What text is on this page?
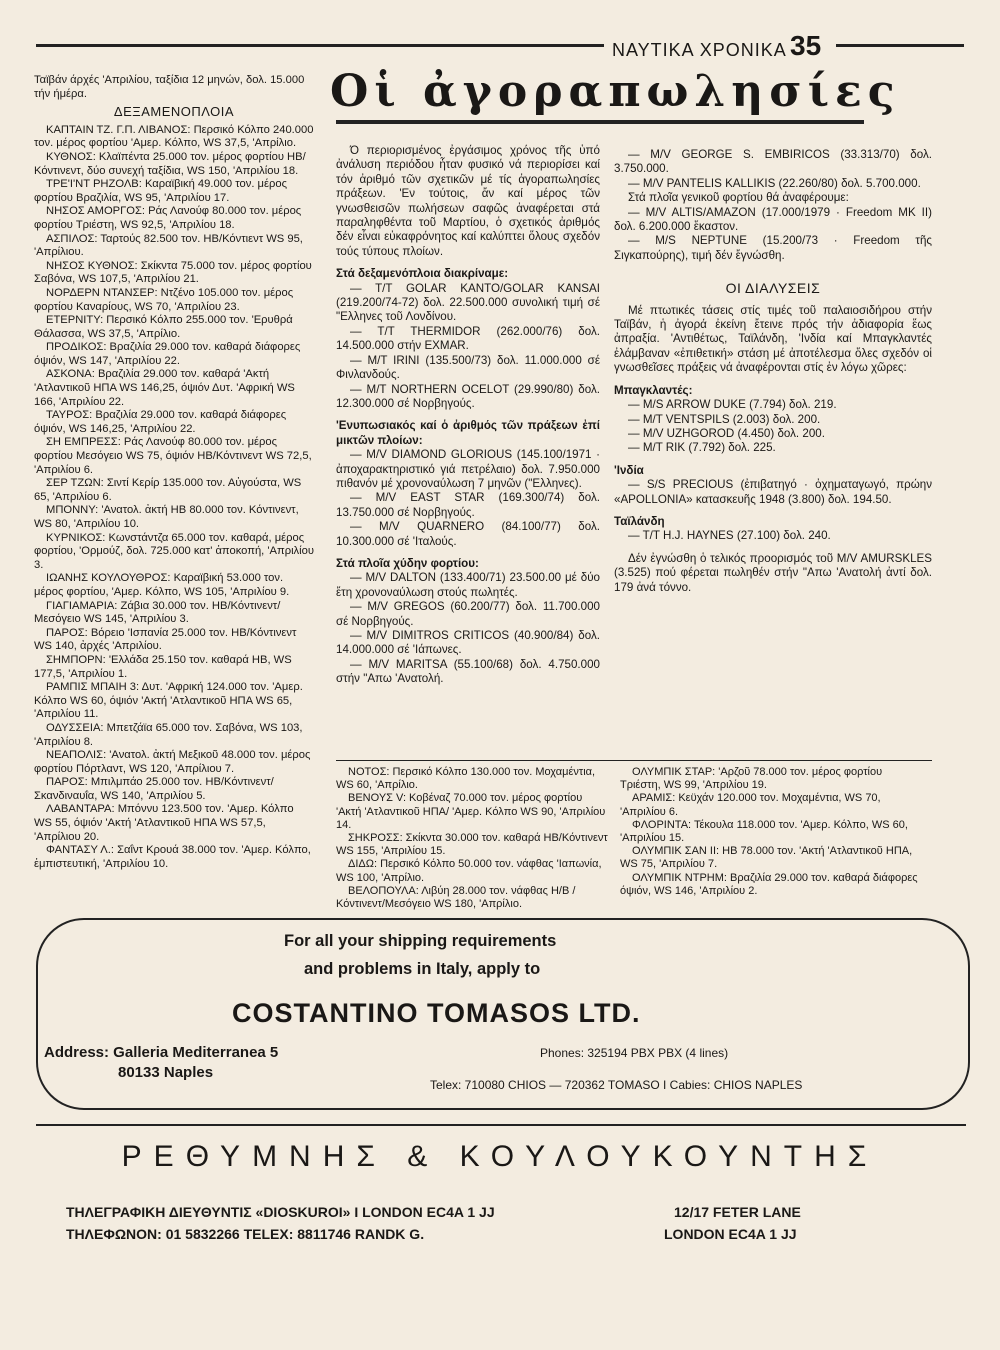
ΝΑΥΤΙΚΑ ΧΡΟΝΙΚΑ 35

Ταϊβάν άρχές 'Απριλίου, ταξίδια 12 μηνών, δολ. 15.000 τήν ήμέρα.

ΔΕΞΑΜΕΝΟΠΛΟΙΑ

ΚΑΠΤΑΙΝ ΤΖ. Γ.Π. ΛΙΒΑΝΟΣ: Περσικό Κόλπο 240.000 τον. μέρος φορτίου 'Αμερ. Κόλπο, WS 37,5, 'Απρίλιο.

ΚΥΘΝΟΣ: Κλαϊπέντα 25.000 τον. μέρος φορτίου ΗΒ/Κόντινεντ, δύο συνεχή ταξίδια, WS 150, 'Απριλίου 18.

ΤΡΕ'Ι'ΝΤ ΡΗΖΟΛΒ: Καραϊβική 49.000 τον. μέρος φορτίου Βραζιλία, WS 95, 'Απριλίου 17.

ΝΗΣΟΣ ΑΜΟΡΓΟΣ: Ράς Λανούφ 80.000 τον. μέρος φορτίου Τριέστη, WS 92,5, 'Απριλίου 18.

ΑΣΠΙΛΟΣ: Ταρτούς 82.500 τον. ΗΒ/Κόντιεντ WS 95, 'Απρίλιου.

ΝΗΣΟΣ ΚΥΘΝΟΣ: Σκίκντα 75.000 τον. μέρος φορτίου Σαβόνα, WS 107,5, 'Απριλίου 21.

ΝΟΡΔΕΡΝ ΝΤΑΝΣΕΡ: Ντζένο 105.000 τον. μέρος φορτίου Καναρίους, WS 70, 'Απριλίου 23.

ΕΤΕΡΝΙΤΥ: Περσικό Κόλπο 255.000 τον. 'Ερυθρά Θάλασσα, WS 37,5, 'Απρίλιο.

ΠΡΟΔΙΚΟΣ: Βραζιλία 29.000 τον. καθαρά διάφορες όψιόν, WS 147, 'Απριλίου 22.

ΑΣΚΟΝΑ: Βραζιλία 29.000 τον. καθαρά 'Ακτή 'Ατλαντικοῦ ΗΠΑ WS 146,25, όψιόν Δυτ. 'Αφρική WS 166, 'Απριλίου 22.

ΤΑΥΡΟΣ: Βραζιλία 29.000 τον. καθαρά διάφορες όψιόν, WS 146,25, 'Απριλίου 22.

ΣΗ ΕΜΠΡΕΣΣ: Ράς Λανούφ 80.000 τον. μέρος φορτίου Μεσόγειο WS 75, όψιόν ΗΒ/Κόντινεντ WS 72,5, 'Απριλίου 6.

ΣΕΡ ΤΖΩΝ: Σιντί Κερίρ 135.000 τον. Αὐγούστα, WS 65, 'Απριλίου 6.

ΜΠΟΝΝΥ: 'Ανατολ. ἀκτή ΗΒ 80.000 τον. Κόντινεντ, WS 80, 'Απριλίου 10.

ΚΥΡΝΙΚΟΣ: Κωνστάντζα 65.000 τον. καθαρά, μέρος φορτίου, 'Ορμούζ, δολ. 725.000 κατ' ἀποκοπή, 'Απριλίου 3.

ΙΩΑΝΗΣ ΚΟΥΛΟΥΘΡΟΣ: Καραϊβική 53.000 τον. μέρος φορτίου, 'Αμερ. Κόλπο, WS 105, 'Απριλίου 9.

ΓΙΑΓΙΑΜΑΡΙΑ: Ζάβια 30.000 τον. ΗΒ/Κόντινεντ/Μεσόγειο WS 145, 'Απριλίου 3.

ΠΑΡΟΣ: Βόρειο 'Ισπανία 25.000 τον. ΗΒ/Κόντινεντ WS 140, ἀρχές 'Απριλίου.

ΣΗΜΠΟΡΝ: 'Ελλάδα 25.150 τον. καθαρά ΗΒ, WS 177,5, 'Απριλίου 1.

ΡΑΜΠΙΣ ΜΠΑΙΗ 3: Δυτ. 'Αφρική 124.000 τον. 'Αμερ. Κόλπο WS 60, όψιόν 'Ακτή 'Ατλαντικοῦ ΗΠΑ WS 65, 'Απριλίου 11.

ΟΔΥΣΣΕΙΑ: Μπετζάϊα 65.000 τον. Σαβόνα, WS 103, 'Απριλίου 8.

ΝΕΑΠΟΛΙΣ: 'Ανατολ. ἀκτή Μεξικοῦ 48.000 τον. μέρος φορτίου Πόρτλαντ, WS 120, 'Απρίλιου 7.

ΠΑΡΟΣ: Μπιλμπάο 25.000 τον. ΗΒ/Κόντινεντ/Σκανδιναυΐα, WS 140, 'Απριλίου 5.

ΛΑΒΑΝΤΑΡΑ: Μπόννυ 123.500 τον. 'Αμερ. Κόλπο WS 55, όψιόν 'Ακτή 'Ατλαντικοῦ ΗΠΑ WS 57,5, 'Απρίλιου 20.

ΦΑΝΤΑΣΥ Λ.: Σαΐντ Κρουά 38.000 τον. 'Αμερ. Κόλπο, ἐμπιστευτική, 'Απριλίου 10.

Οἱ ἀγοραπωλησίες

Ό περιορισμένος ἐργάσιμος χρόνος τῆς ὑπό ἀνάλυση περιόδου ἦταν φυσικό νά περιορίσει καί τόν ἀριθμό τῶν σχετικῶν μέ τίς ἀγοραπωλησίες πράξεων. 'Εν τούτοις, ἄν καί μέρος τῶν γνωσθεισῶν πωλήσεων σαφῶς ἀναφέρεται στά παραληφθέντα τοῦ Μαρτίου, ὁ σχετικός ἀριθμός δέν εἶναι εὐκαφρόνητος καί καλύπτει ὅλους σχεδόν τούς τύπους πλοίων.

Στά δεξαμενόπλοια διακρίναμε:

— T/T GOLAR KANTO/GOLAR KANSAI (219.200/74-72) δολ. 22.500.000 συνολική τιμή σέ "Ελληνες τοῦ Λονδίνου.

— T/T THERMIDOR (262.000/76) δολ. 14.500.000 στήν EXMAR.

— M/T IRINI (135.500/73) δολ. 11.000.000 σέ Φινλανδούς.

— M/T NORTHERN OCELOT (29.990/80) δολ. 12.300.000 σέ Νορβηγούς.

'Ενυπωσιακός καί ὁ ἀριθμός τῶν πράξεων ἐπί μικτῶν πλοίων:

— M/V DIAMOND GLORIOUS (145.100/1971 · ἀποχαρακτηριστικό γιά πετρέλαιο) δολ. 7.950.000 πιθανόν μέ χρονοναύλωση 7 μηνῶν ("Ελληνες).

— M/V EAST STAR (169.300/74) δολ. 13.750.000 σέ Νορβηγούς.

— M/V QUARNERO (84.100/77) δολ. 10.300.000 σέ 'Ιταλούς.

Στά πλοῖα χύδην φορτίου:

— M/V DALTON (133.400/71) 23.500.00 μέ δύο ἔτη χρονοναύλωση στούς πωλητές.

— M/V GREGOS (60.200/77) δολ. 11.700.000 σέ Νορβηγούς.

— M/V DIMITROS CRITICOS (40.900/84) δολ. 14.000.000 σέ 'Ιάπωνες.

— M/V MARITSA (55.100/68) δολ. 4.750.000 στήν "Απω 'Ανατολή.

— M/V GEORGE S. EMBIRICOS (33.313/70) δολ. 3.750.000.

— M/V PANTELIS KALLIKIS (22.260/80) δολ. 5.700.000.

Στά πλοῖα γενικοῦ φορτίου θά ἀναφέρουμε:

— M/V ALTIS/AMAZON (17.000/1979 · Freedom MK II) δολ. 6.200.000 ἕκαστον.

— M/S NEPTUNE (15.200/73 · Freedom τῆς Σιγκαπούρης), τιμή δέν ἔγνώσθη.

ΟΙ ΔΙΑΛΥΣΕΙΣ

Μέ πτωτικές τάσεις στίς τιμές τοῦ παλαιοσιδήρου στήν Ταϊβάν, ἡ ἀγορά ἐκείνη ἔτεινε πρός τήν ἀδιαφορία ἕως ἀπραξία. 'Αντιθέτως, Ταϊλάνδη, 'Ινδία καί Μπαγκλαντές ἐλάμβαναν «ἐπιθετική» στάση μέ ἀποτέλεσμα ὅλες σχεδόν οἱ γνωσθεῖσες πράξεις νά ἀναφέρονται στίς ἐν λόγω χῶρες:

Μπαγκλαντές:

— M/S ARROW DUKE (7.794) δολ. 219.

— M/T VENTSPILS (2.003) δολ. 200.

— M/V UZHGOROD (4.450) δολ. 200.

— M/T RIK (7.792) δολ. 225.

'Ινδία

— S/S PRECIOUS (ἐπιβατηγό · ὀχηματαγωγό, πρώην «APOLLONIA» κατασκευῆς 1948 (3.800) δολ. 194.50.

Ταϊλάνδη

— T/T H.J. HAYNES (27.100) δολ. 240.

Δέν ἐγνώσθη ὁ τελικός προορισμός τοῦ M/V AMURSKLES (3.525) πού φέρεται πωληθέν στήν "Απω 'Ανατολή ἀντί δολ. 179 ἀνά τόννο.

ΝΟΤΟΣ: Περσικό Κόλπο 130.000 τον. Μοχαμέντια, WS 60, 'Απρίλιο.

ΒΕΝΟΥΣ V: Κοβέναζ 70.000 τον. μέρος φορτίου 'Ακτή 'Ατλαντικοῦ ΗΠΑ/ 'Αμερ. Κόλπο WS 90, 'Απριλίου 14.

ΣΗΚΡΟΣΣ: Σκίκντα 30.000 τον. καθαρά ΗΒ/Κόντινεντ WS 155, 'Απριλίου 15.

ΔΙΔΩ: Περσικό Κόλπο 50.000 τον. νάφθας 'Ιαπωνία, WS 100, 'Απρίλιο.

ΒΕΛΟΠΟΥΛΑ: Λιβύη 28.000 τον. νάφθας Η/Β /Κόντινεντ/Μεσόγειο WS 180, 'Απρίλιο.

ΟΛΥΜΠΙΚ ΣΤΑΡ: 'Αρζοῦ 78.000 τον. μέρος φορτίου Τριέστη, WS 99, 'Απριλίου 19.

ΑΡΑΜΙΣ: Κεϋχάν 120.000 τον. Μοχαμέντια, WS 70, 'Απριλίου 6.

ΦΛΟΡΙΝΤΑ: Τέκουλα 118.000 τον. 'Αμερ. Κόλπο, WS 60, 'Απριλίου 15.

ΟΛΥΜΠΙΚ ΣΑΝ ΙΙ: ΗΒ 78.000 τον. 'Ακτή 'Ατλαντικοῦ ΗΠΑ, WS 75, 'Απριλίου 7.

ΟΛΥΜΠΙΚ ΝΤΡΗΜ: Βραζιλία 29.000 τον. καθαρά διάφορες όψιόν, WS 146, 'Απριλίου 2.

For all your shipping requirements
and problems in Italy, apply to
COSTANTINO TOMASOS LTD.
Address: Galleria Mediterranea 5
80133 Naples
Phones: 325194 PBX PBX (4 lines)
Telex: 710080 CHIOS — 720362 TOMASO I Cabies: CHIOS NAPLES
ΡΕΘΥΜΝΗΣ & ΚΟΥΛΟΥΚΟΥΝΤΗΣ
ΤΗΛΕΓΡΑΦΙΚΗ ΔΙΕΥΘΥΝΤΙΣ «DIOSKUROI» I LONDON EC4A 1 JJ
ΤΗΛΕΦΩΝΟΝ: 01 5832266 TELEX: 8811746 RANDK G.
12/17 FETER LANE
LONDON EC4A 1 JJ
